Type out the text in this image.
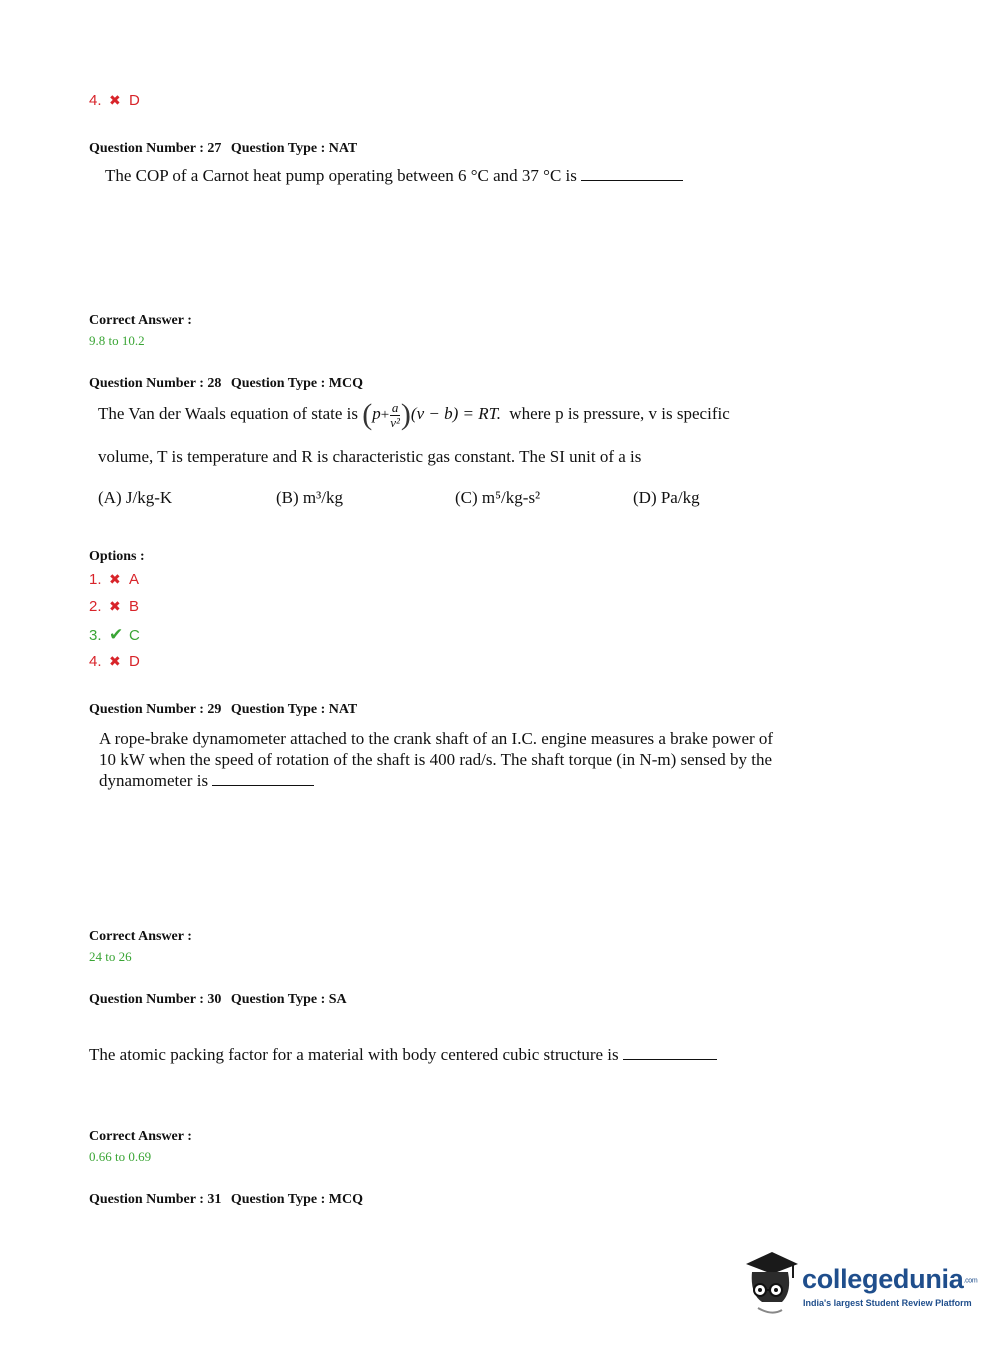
4. ✖ D
Question Number : 27 Question Type : NAT
The COP of a Carnot heat pump operating between 6 °C and 37 °C is
Correct Answer :
9.8 to 10.2
Question Number : 28 Question Type : MCQ
The Van der Waals equation of state is $(p+ \frac{a}{\text{v²}} )(v - b)$ = RT. where p is pressure, v is specific
volume, T is temperature and R is characteristic gas constant. The SI unit of a is
(A) J/kg-K	(B) m³/kg	(C) m⁵/kg-s²	(D) Pa/kg
Options :
1. ✖ A
2. ✖ B
3. ✔ C
4. ✖ D
Question Number : 29 Question Type : NAT
A rope-brake dynamometer attached to the crank shaft of an I.C. engine measures a brake power of
10 kW when the speed of rotation of the shaft is 400 rad/s. The shaft torque (in N-m) sensed by the
dynamometer is
Correct Answer :
24 to 26
Question Number : 30 Question Type : SA
The atomic packing factor for a material with body centered cubic structure is
Correct Answer :
0.66 to 0.69
Question Number : 31 Question Type : MCQ
collegedunia.com
India's largest Student Review Platform
